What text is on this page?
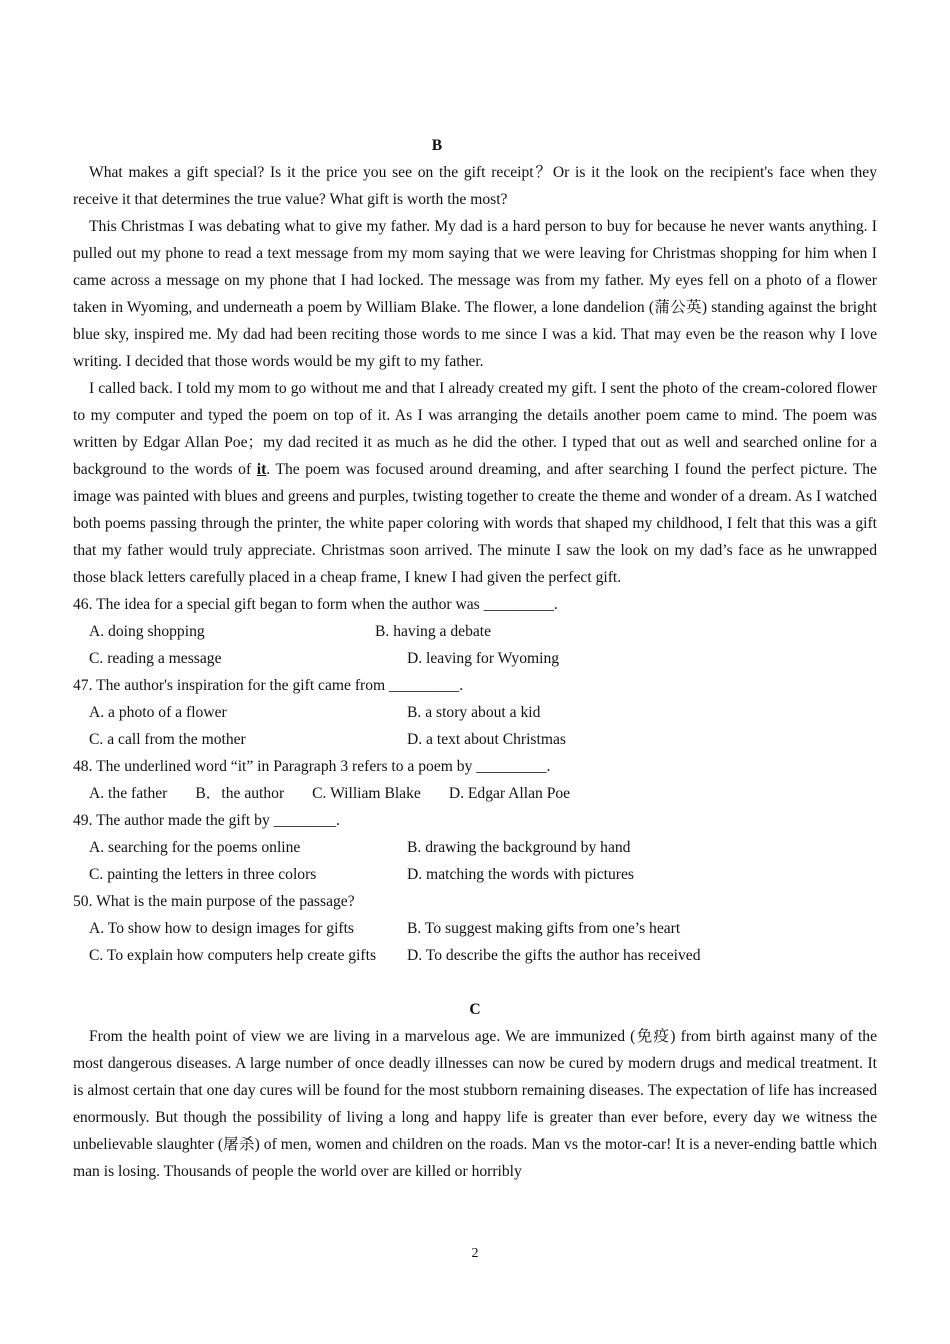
B

What makes a gift special? Is it the price you see on the gift receipt？Or is it the look on the recipient's face when they receive it that determines the true value? What gift is worth the most?

This Christmas I was debating what to give my father. My dad is a hard person to buy for because he never wants anything. I pulled out my phone to read a text message from my mom saying that we were leaving for Christmas shopping for him when I came across a message on my phone that I had locked. The message was from my father. My eyes fell on a photo of a flower taken in Wyoming, and underneath a poem by William Blake. The flower, a lone dandelion (蒲公英) standing against the bright blue sky, inspired me. My dad had been reciting those words to me since I was a kid. That may even be the reason why I love writing. I decided that those words would be my gift to my father.

I called back. I told my mom to go without me and that I already created my gift. I sent the photo of the cream-colored flower to my computer and typed the poem on top of it. As I was arranging the details another poem came to mind. The poem was written by Edgar Allan Poe；my dad recited it as much as he did the other. I typed that out as well and searched online for a background to the words of it. The poem was focused around dreaming, and after searching I found the perfect picture. The image was painted with blues and greens and purples, twisting together to create the theme and wonder of a dream. As I watched both poems passing through the printer, the white paper coloring with words that shaped my childhood, I felt that this was a gift that my father would truly appreciate. Christmas soon arrived. The minute I saw the look on my dad’s face as he unwrapped those black letters carefully placed in a cheap frame, I knew I had given the perfect gift.

46. The idea for a special gift began to form when the author was _________.

A. doing shopping	B. having a debate
C. reading a message	D. leaving for Wyoming

47. The author's inspiration for the gift came from _________.

A. a photo of a flower	B. a story about a kid
C. a call from the mother	D. a text about Christmas

48. The underlined word “it” in Paragraph 3 refers to a poem by _________.

A. the father B．the author C. William Blake D. Edgar Allan Poe

49. The author made the gift by ________.

A. searching for the poems online	B. drawing the background by hand
C. painting the letters in three colors	D. matching the words with pictures

50. What is the main purpose of the passage?

A. To show how to design images for gifts	B. To suggest making gifts from one’s heart
C. To explain how computers help create gifts	D. To describe the gifts the author has received
C

From the health point of view we are living in a marvelous age. We are immunized (免疫) from birth against many of the most dangerous diseases. A large number of once deadly illnesses can now be cured by modern drugs and medical treatment. It is almost certain that one day cures will be found for the most stubborn remaining diseases. The expectation of life has increased enormously. But though the possibility of living a long and happy life is greater than ever before, every day we witness the unbelievable slaughter (屠杀) of men, women and children on the roads. Man vs the motor-car! It is a never-ending battle which man is losing. Thousands of people the world over are killed or horribly

2
